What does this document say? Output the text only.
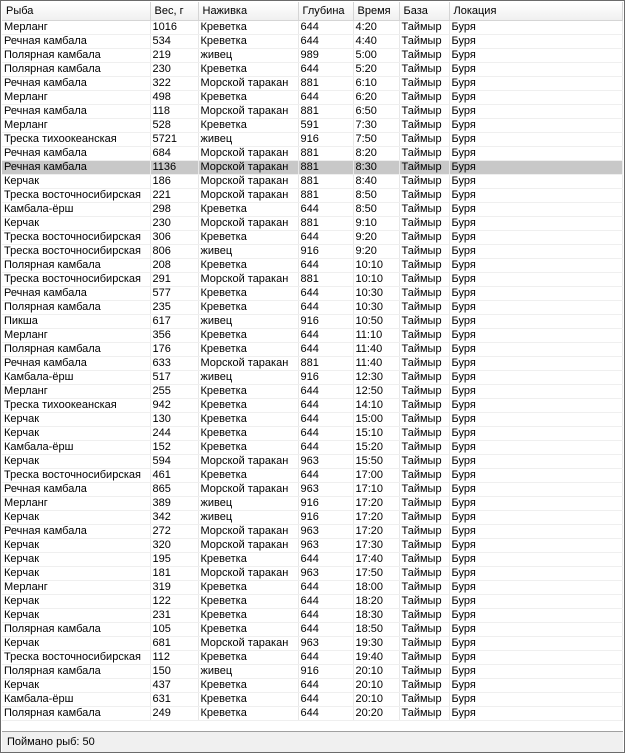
Рыба	Вес, г	Наживка	Глубина	Время	База	Локация
Мерланг	1016	Креветка	644	4:20	Таймыр	Буря
Речная камбала	534	Креветка	644	4:40	Таймыр	Буря
Полярная камбала	219	живец	989	5:00	Таймыр	Буря
Полярная камбала	230	Креветка	644	5:20	Таймыр	Буря
Речная камбала	322	Морской таракан	881	6:10	Таймыр	Буря
Мерланг	498	Креветка	644	6:20	Таймыр	Буря
Речная камбала	118	Морской таракан	881	6:50	Таймыр	Буря
Мерланг	528	Креветка	591	7:30	Таймыр	Буря
Треска тихоокеанская	5721	живец	916	7:50	Таймыр	Буря
Речная камбала	684	Морской таракан	881	8:20	Таймыр	Буря
Речная камбала	1136	Морской таракан	881	8:30	Таймыр	Буря
Керчак	186	Морской таракан	881	8:40	Таймыр	Буря
Треска восточносибирская	221	Морской таракан	881	8:50	Таймыр	Буря
Камбала-ёрш	298	Креветка	644	8:50	Таймыр	Буря
Керчак	230	Морской таракан	881	9:10	Таймыр	Буря
Треска восточносибирская	306	Креветка	644	9:20	Таймыр	Буря
Треска восточносибирская	806	живец	916	9:20	Таймыр	Буря
Полярная камбала	208	Креветка	644	10:10	Таймыр	Буря
Треска восточносибирская	291	Морской таракан	881	10:10	Таймыр	Буря
Речная камбала	577	Креветка	644	10:30	Таймыр	Буря
Полярная камбала	235	Креветка	644	10:30	Таймыр	Буря
Пикша	617	живец	916	10:50	Таймыр	Буря
Мерланг	356	Креветка	644	11:10	Таймыр	Буря
Полярная камбала	176	Креветка	644	11:40	Таймыр	Буря
Речная камбала	633	Морской таракан	881	11:40	Таймыр	Буря
Камбала-ёрш	517	живец	916	12:30	Таймыр	Буря
Мерланг	255	Креветка	644	12:50	Таймыр	Буря
Треска тихоокеанская	942	Креветка	644	14:10	Таймыр	Буря
Керчак	130	Креветка	644	15:00	Таймыр	Буря
Керчак	244	Креветка	644	15:10	Таймыр	Буря
Камбала-ёрш	152	Креветка	644	15:20	Таймыр	Буря
Керчак	594	Морской таракан	963	15:50	Таймыр	Буря
Треска восточносибирская	461	Креветка	644	17:00	Таймыр	Буря
Речная камбала	865	Морской таракан	963	17:10	Таймыр	Буря
Мерланг	389	живец	916	17:20	Таймыр	Буря
Керчак	342	живец	916	17:20	Таймыр	Буря
Речная камбала	272	Морской таракан	963	17:20	Таймыр	Буря
Керчак	320	Морской таракан	963	17:30	Таймыр	Буря
Керчак	195	Креветка	644	17:40	Таймыр	Буря
Керчак	181	Морской таракан	963	17:50	Таймыр	Буря
Мерланг	319	Креветка	644	18:00	Таймыр	Буря
Керчак	122	Креветка	644	18:20	Таймыр	Буря
Керчак	231	Креветка	644	18:30	Таймыр	Буря
Полярная камбала	105	Креветка	644	18:50	Таймыр	Буря
Керчак	681	Морской таракан	963	19:30	Таймыр	Буря
Треска восточносибирская	112	Креветка	644	19:40	Таймыр	Буря
Полярная камбала	150	живец	916	20:10	Таймыр	Буря
Керчак	437	Креветка	644	20:10	Таймыр	Буря
Камбала-ёрш	631	Креветка	644	20:10	Таймыр	Буря
Полярная камбала	249	Креветка	644	20:20	Таймыр	Буря
Поймано рыб: 50
